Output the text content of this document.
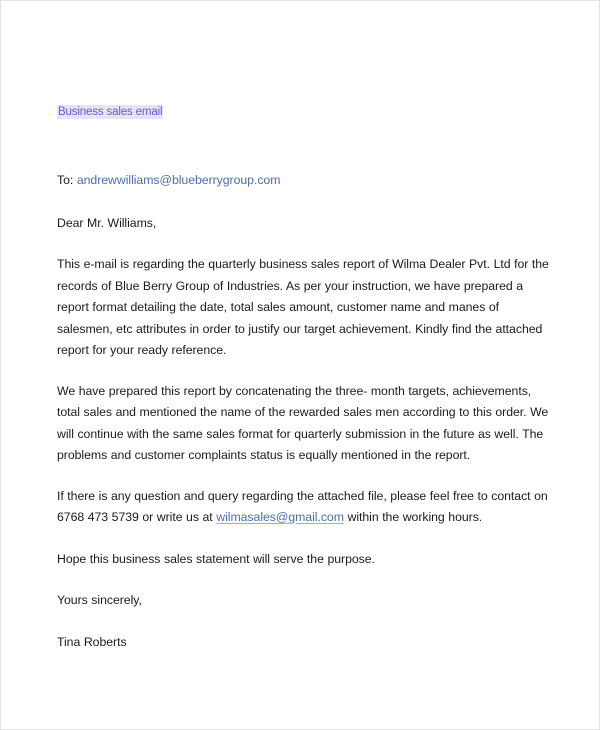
Business sales email

To: andrewwilliams@blueberrygroup.com

Dear Mr. Williams,

This e-mail is regarding the quarterly business sales report of Wilma Dealer Pvt. Ltd for the records of Blue Berry Group of Industries. As per your instruction, we have prepared a report format detailing the date, total sales amount, customer name and manes of salesmen, etc attributes in order to justify our target achievement. Kindly find the attached report for your ready reference.

We have prepared this report by concatenating the three- month targets, achievements, total sales and mentioned the name of the rewarded sales men according to this order. We will continue with the same sales format for quarterly submission in the future as well. The problems and customer complaints status is equally mentioned in the report.

If there is any question and query regarding the attached file, please feel free to contact on 6768 473 5739 or write us at wilmasales@gmail.com within the working hours.

Hope this business sales statement will serve the purpose.

Yours sincerely,

Tina Roberts
